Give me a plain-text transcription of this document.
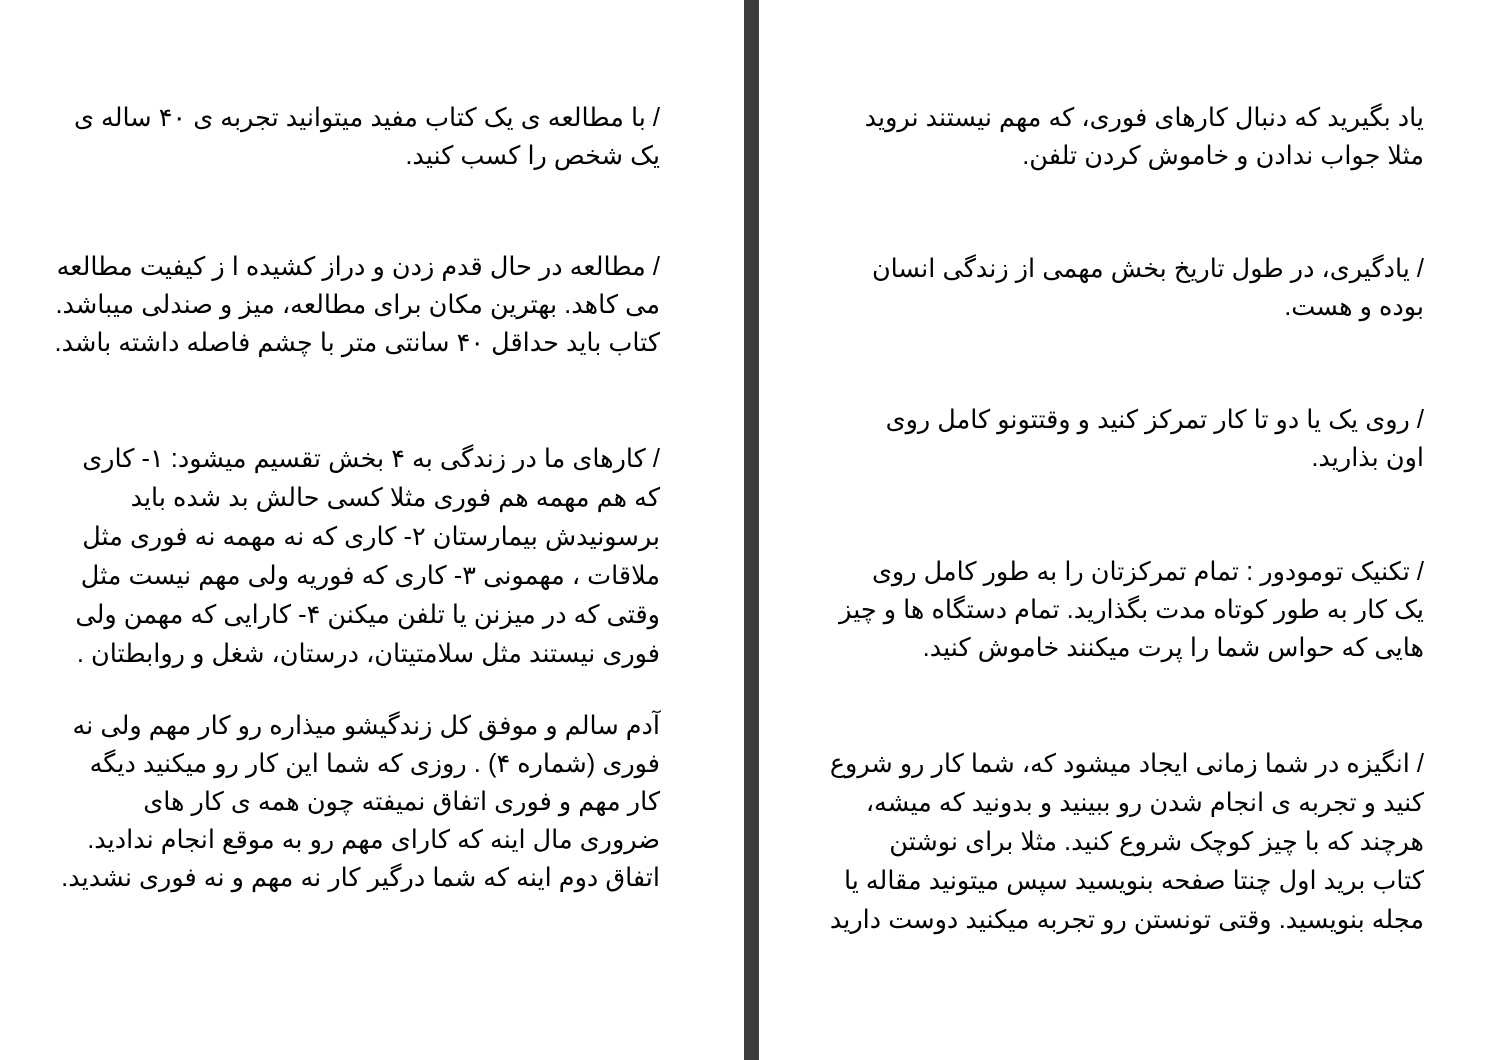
/ با مطالعه ی یک کتاب مفید میتوانید تجربه ی ۴۰ ساله ی
یک شخص را کسب کنید.
/ مطالعه در حال قدم زدن و دراز کشیده ا ز کیفیت مطالعه
می کاهد. بهترین مکان برای مطالعه، میز و صندلی میباشد.
کتاب باید حداقل ۴۰ سانتی متر با چشم فاصله داشته باشد.
/ کارهای ما در زندگی به ۴ بخش تقسیم میشود: ۱- کاری
که هم مهمه هم فوری مثلا کسی حالش بد شده باید
برسونیدش بیمارستان ۲- کاری که نه مهمه نه فوری مثل
ملاقات ، مهمونی ۳- کاری که فوریه ولی مهم نیست مثل
وقتی که در میزنن یا تلفن میکنن ۴- کارایی که مهمن ولی
فوری نیستند مثل سلامتیتان، درستان، شغل و روابطتان .
آدم سالم و موفق کل زندگیشو میذاره رو کار مهم ولی نه
فوری (شماره ۴) . روزی که شما این کار رو میکنید دیگه
کار مهم و فوری اتفاق نمیفته چون همه ی کار های
ضروری مال اینه که کارای مهم رو به موقع انجام ندادید.
اتفاق دوم اینه که شما درگیر کار نه مهم و نه فوری نشدید.
یاد بگیرید که دنبال کارهای فوری، که مهم نیستند نروید
مثلا جواب ندادن و خاموش کردن تلفن.
/ یادگیری، در طول تاریخ بخش مهمی از زندگی انسان
بوده و هست.
/ روی یک یا دو تا کار تمرکز کنید و وقتتونو کامل روی
اون بذارید.
/ تکنیک تومودور : تمام تمرکزتان را به طور کامل روی
یک کار به طور کوتاه مدت بگذارید. تمام دستگاه ها و چیز
هایی که حواس شما را پرت میکنند خاموش کنید.
/ انگیزه در شما زمانی ایجاد میشود که، شما کار رو شروع
کنید و تجربه ی انجام شدن رو ببینید و بدونید که میشه،
هرچند که با چیز کوچک شروع کنید. مثلا برای نوشتن
کتاب برید اول چنتا صفحه بنویسید سپس میتونید مقاله یا
مجله بنویسید. وقتی تونستن رو تجربه میکنید دوست دارید
